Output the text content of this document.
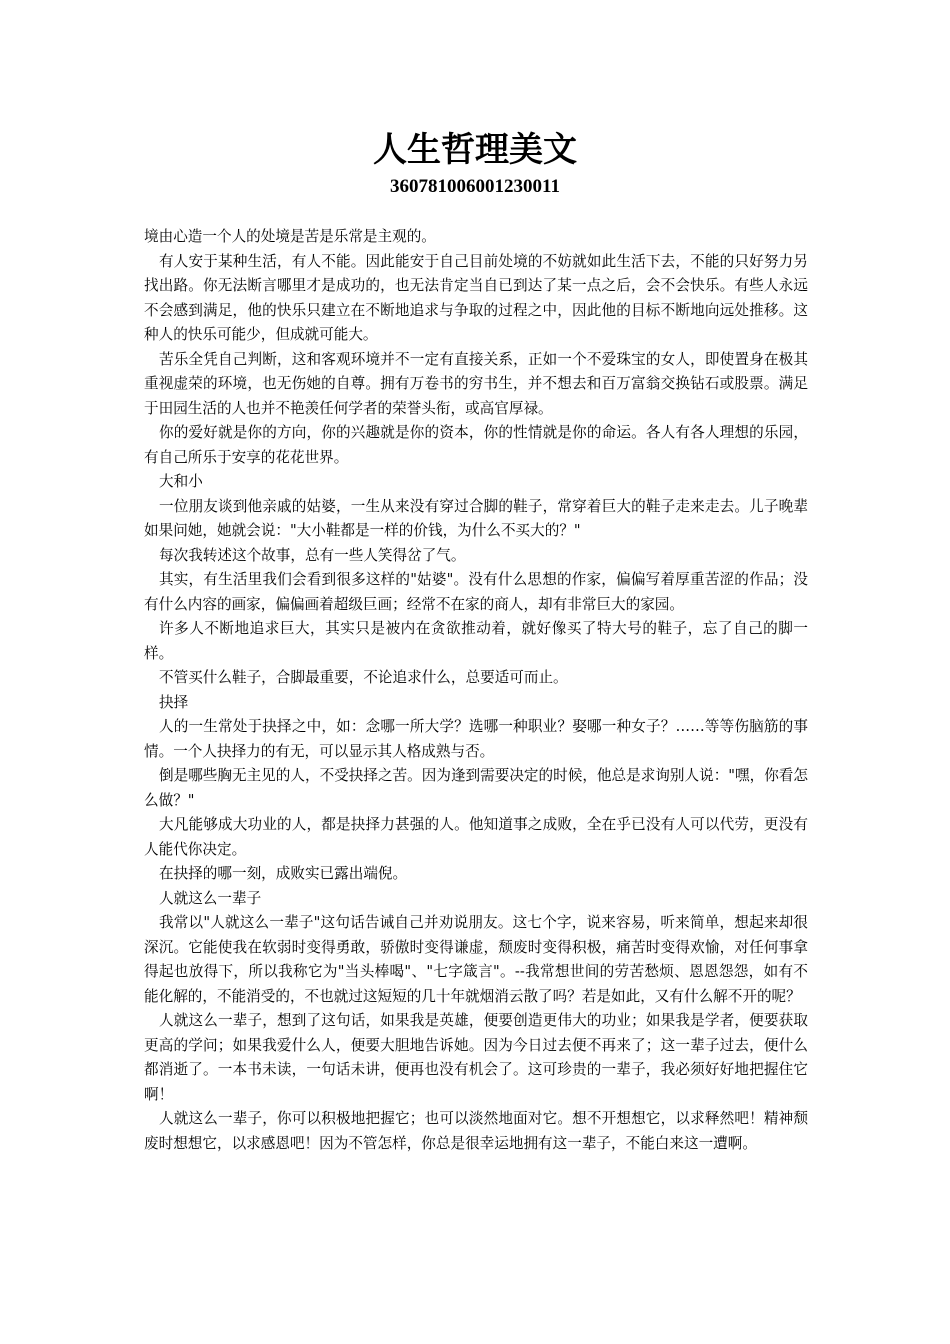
人生哲理美文
360781006001230011

境由心造一个人的处境是苦是乐常是主观的。

有人安于某种生活，有人不能。因此能安于自己目前处境的不妨就如此生活下去，不能的只好努力另找出路。你无法断言哪里才是成功的，也无法肯定当自已到达了某一点之后，会不会快乐。有些人永远不会感到满足，他的快乐只建立在不断地追求与争取的过程之中，因此他的目标不断地向远处推移。这种人的快乐可能少，但成就可能大。

苦乐全凭自己判断，这和客观环境并不一定有直接关系，正如一个不爱珠宝的女人，即使置身在极其重视虚荣的环境，也无伤她的自尊。拥有万卷书的穷书生，并不想去和百万富翁交换钻石或股票。满足于田园生活的人也并不艳羡任何学者的荣誉头衔，或高官厚禄。

你的爱好就是你的方向，你的兴趣就是你的资本，你的性情就是你的命运。各人有各人理想的乐园，有自己所乐于安享的花花世界。

大和小

一位朋友谈到他亲戚的姑婆，一生从来没有穿过合脚的鞋子，常穿着巨大的鞋子走来走去。儿子晚辈如果问她，她就会说："大小鞋都是一样的价钱，为什么不买大的？"

每次我转述这个故事，总有一些人笑得岔了气。

其实，有生活里我们会看到很多这样的"姑婆"。没有什么思想的作家，偏偏写着厚重苦涩的作品；没有什么内容的画家，偏偏画着超级巨画；经常不在家的商人，却有非常巨大的家园。

许多人不断地追求巨大，其实只是被内在贪欲推动着，就好像买了特大号的鞋子，忘了自己的脚一样。

不管买什么鞋子，合脚最重要，不论追求什么，总要适可而止。

抉择

人的一生常处于抉择之中，如：念哪一所大学？选哪一种职业？娶哪一种女子？……等等伤脑筋的事情。一个人抉择力的有无，可以显示其人格成熟与否。

倒是哪些胸无主见的人，不受抉择之苦。因为逢到需要决定的时候，他总是求询别人说："嘿，你看怎么做？"

大凡能够成大功业的人，都是抉择力甚强的人。他知道事之成败，全在乎已没有人可以代劳，更没有人能代你决定。

在抉择的哪一刻，成败实已露出端倪。

人就这么一辈子

我常以"人就这么一辈子"这句话告诫自己并劝说朋友。这七个字，说来容易，听来简单，想起来却很深沉。它能使我在软弱时变得勇敢，骄傲时变得谦虚，颓废时变得积极，痛苦时变得欢愉，对任何事拿得起也放得下，所以我称它为"当头棒喝"、"七字箴言"。--我常想世间的劳苦愁烦、恩恩怨怨，如有不能化解的，不能消受的，不也就过这短短的几十年就烟消云散了吗？若是如此，又有什么解不开的呢？

人就这么一辈子，想到了这句话，如果我是英雄，便要创造更伟大的功业；如果我是学者，便要获取更高的学问；如果我爱什么人，便要大胆地告诉她。因为今日过去便不再来了；这一辈子过去，便什么都消逝了。一本书未读，一句话未讲，便再也没有机会了。这可珍贵的一辈子，我必须好好地把握住它啊！

人就这么一辈子，你可以积极地把握它；也可以淡然地面对它。想不开想想它，以求释然吧！精神颓废时想想它，以求感恩吧！因为不管怎样，你总是很幸运地拥有这一辈子，不能白来这一遭啊。
